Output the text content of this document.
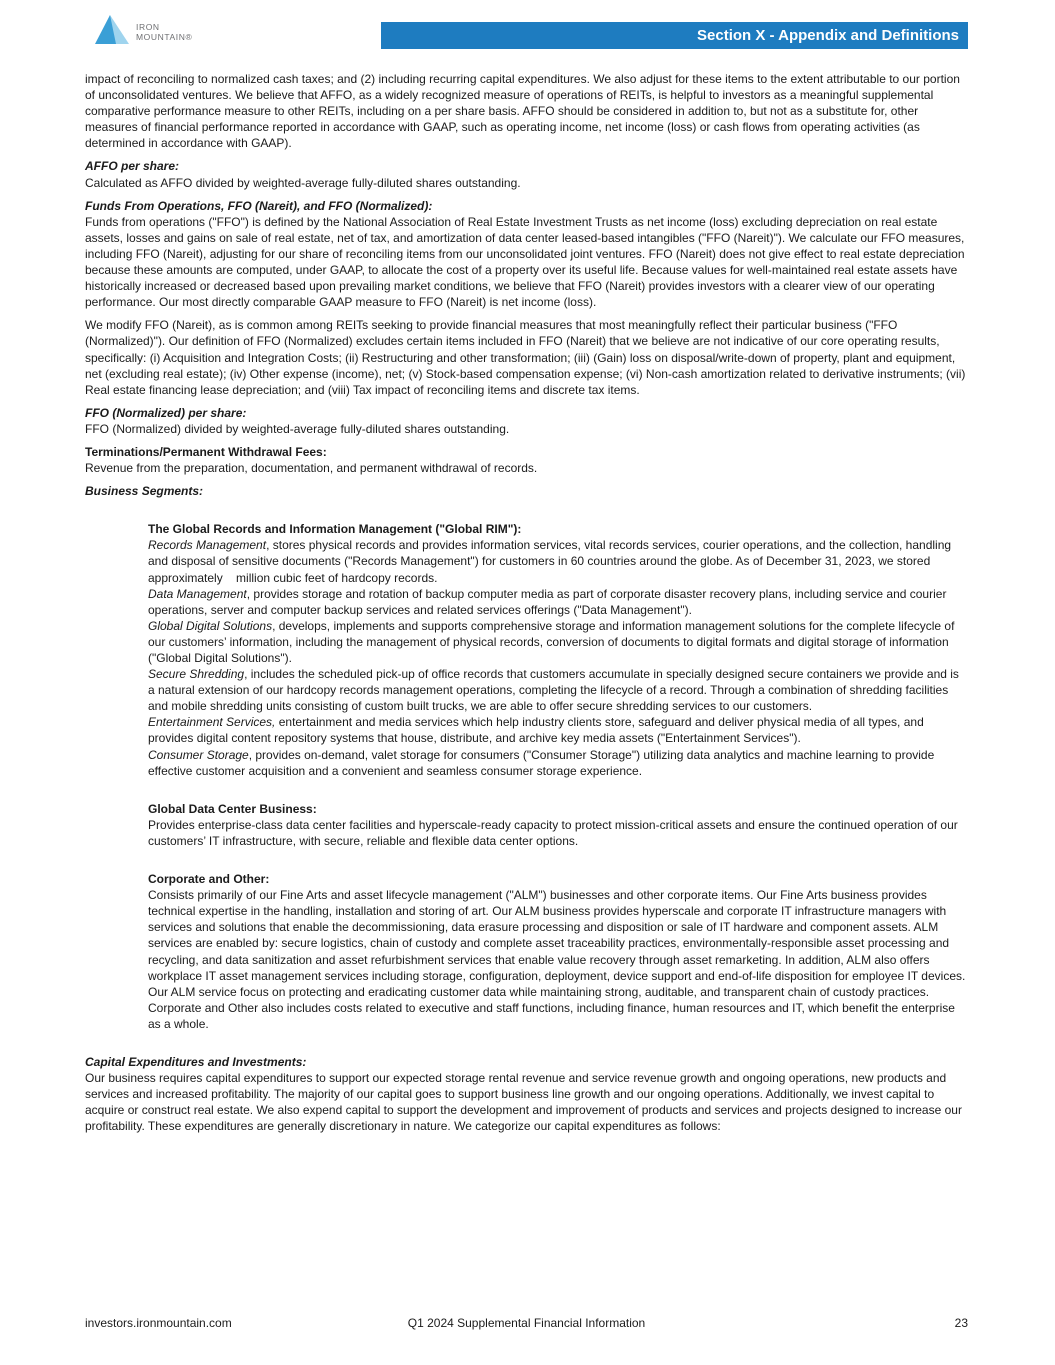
IRON
MOUNTAIN®	Section X - Appendix and Definitions

impact of reconciling to normalized cash taxes; and (2) including recurring capital expenditures. We also adjust for these items to the extent attributable to our portion of unconsolidated ventures. We believe that AFFO, as a widely recognized measure of operations of REITs, is helpful to investors as a meaningful supplemental comparative performance measure to other REITs, including on a per share basis. AFFO should be considered in addition to, but not as a substitute for, other measures of financial performance reported in accordance with GAAP, such as operating income, net income (loss) or cash flows from operating activities (as determined in accordance with GAAP).

AFFO per share:

Calculated as AFFO divided by weighted-average fully-diluted shares outstanding.

Funds From Operations, FFO (Nareit), and FFO (Normalized):

Funds from operations ("FFO") is defined by the National Association of Real Estate Investment Trusts as net income (loss) excluding depreciation on real estate assets, losses and gains on sale of real estate, net of tax, and amortization of data center leased-based intangibles ("FFO (Nareit)"). We calculate our FFO measures, including FFO (Nareit), adjusting for our share of reconciling items from our unconsolidated joint ventures. FFO (Nareit) does not give effect to real estate depreciation because these amounts are computed, under GAAP, to allocate the cost of a property over its useful life. Because values for well-maintained real estate assets have historically increased or decreased based upon prevailing market conditions, we believe that FFO (Nareit) provides investors with a clearer view of our operating performance. Our most directly comparable GAAP measure to FFO (Nareit) is net income (loss).

We modify FFO (Nareit), as is common among REITs seeking to provide financial measures that most meaningfully reflect their particular business ("FFO (Normalized)"). Our definition of FFO (Normalized) excludes certain items included in FFO (Nareit) that we believe are not indicative of our core operating results, specifically: (i) Acquisition and Integration Costs; (ii) Restructuring and other transformation; (iii) (Gain) loss on disposal/write-down of property, plant and equipment, net (excluding real estate); (iv) Other expense (income), net; (v) Stock-based compensation expense; (vi) Non-cash amortization related to derivative instruments; (vii) Real estate financing lease depreciation; and (viii) Tax impact of reconciling items and discrete tax items.

FFO (Normalized) per share:

FFO (Normalized) divided by weighted-average fully-diluted shares outstanding.

Terminations/Permanent Withdrawal Fees:

Revenue from the preparation, documentation, and permanent withdrawal of records.

Business Segments:

The Global Records and Information Management ("Global RIM"):

Records Management, stores physical records and provides information services, vital records services, courier operations, and the collection, handling and disposal of sensitive documents ("Records Management") for customers in 60 countries around the globe. As of December 31, 2023, we stored approximately    million cubic feet of hardcopy records.

Data Management, provides storage and rotation of backup computer media as part of corporate disaster recovery plans, including service and courier operations, server and computer backup services and related services offerings ("Data Management").

Global Digital Solutions, develops, implements and supports comprehensive storage and information management solutions for the complete lifecycle of our customers’ information, including the management of physical records, conversion of documents to digital formats and digital storage of information ("Global Digital Solutions").

Secure Shredding, includes the scheduled pick-up of office records that customers accumulate in specially designed secure containers we provide and is a natural extension of our hardcopy records management operations, completing the lifecycle of a record. Through a combination of shredding facilities and mobile shredding units consisting of custom built trucks, we are able to offer secure shredding services to our customers.

Entertainment Services, entertainment and media services which help industry clients store, safeguard and deliver physical media of all types, and provides digital content repository systems that house, distribute, and archive key media assets ("Entertainment Services").

Consumer Storage, provides on-demand, valet storage for consumers ("Consumer Storage") utilizing data analytics and machine learning to provide effective customer acquisition and a convenient and seamless consumer storage experience.

Global Data Center Business:

Provides enterprise-class data center facilities and hyperscale-ready capacity to protect mission-critical assets and ensure the continued operation of our customers’ IT infrastructure, with secure, reliable and flexible data center options.

Corporate and Other:

Consists primarily of our Fine Arts and asset lifecycle management ("ALM") businesses and other corporate items. Our Fine Arts business provides technical expertise in the handling, installation and storing of art. Our ALM business provides hyperscale and corporate IT infrastructure managers with services and solutions that enable the decommissioning, data erasure processing and disposition or sale of IT hardware and component assets. ALM services are enabled by: secure logistics, chain of custody and complete asset traceability practices, environmentally-responsible asset processing and recycling, and data sanitization and asset refurbishment services that enable value recovery through asset remarketing. In addition, ALM also offers workplace IT asset management services including storage, configuration, deployment, device support and end-of-life disposition for employee IT devices. Our ALM service focus on protecting and eradicating customer data while maintaining strong, auditable, and transparent chain of custody practices. Corporate and Other also includes costs related to executive and staff functions, including finance, human resources and IT, which benefit the enterprise as a whole.

Capital Expenditures and Investments:

Our business requires capital expenditures to support our expected storage rental revenue and service revenue growth and ongoing operations, new products and services and increased profitability. The majority of our capital goes to support business line growth and our ongoing operations. Additionally, we invest capital to acquire or construct real estate. We also expend capital to support the development and improvement of products and services and projects designed to increase our profitability. These expenditures are generally discretionary in nature. We categorize our capital expenditures as follows:

investors.ironmountain.com	Q1 2024 Supplemental Financial Information	23
